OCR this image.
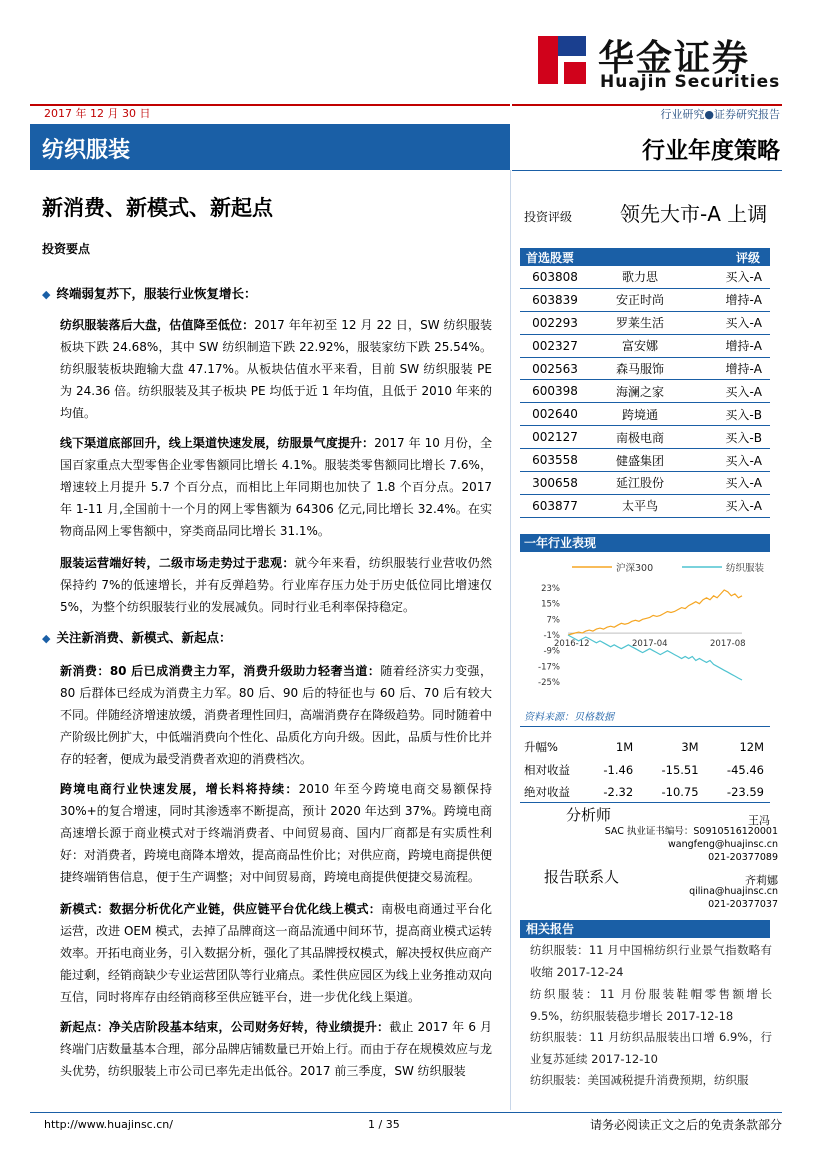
华金证券
Huajin Securities
2017 年 12 月 30 日	行业研究●证券研究报告
纺织服装	行业年度策略
新消费、新模式、新起点
投资要点
◆ 终端弱复苏下，服装行业恢复增长：
纺织服装落后大盘，估值降至低位：2017 年年初至 12 月 22 日，SW 纺织服装板块下跌 24.68%，其中 SW 纺织制造下跌 22.92%，服装家纺下跌 25.54%。纺织服装板块跑输大盘 47.17%。从板块估值水平来看，目前 SW 纺织服装 PE 为 24.36 倍。纺织服装及其子板块 PE 均低于近 1 年均值，且低于 2010 年来的均值。
线下渠道底部回升，线上渠道快速发展，纺服景气度提升：2017 年 10 月份，全国百家重点大型零售企业零售额同比增长 4.1%。服装类零售额同比增长 7.6%，增速较上月提升 5.7 个百分点，而相比上年同期也加快了 1.8 个百分点。2017 年 1-11 月,全国前十一个月的网上零售额为 64306 亿元,同比增长 32.4%。在实物商品网上零售额中，穿类商品同比增长 31.1%。
服装运营端好转，二级市场走势过于悲观：就今年来看，纺织服装行业营收仍然保持约 7%的低速增长，并有反弹趋势。行业库存压力处于历史低位同比增速仅 5%，为整个纺织服装行业的发展减负。同时行业毛利率保持稳定。
◆ 关注新消费、新模式、新起点：
新消费：80 后已成消费主力军，消费升级助力轻奢当道：随着经济实力变强，80 后群体已经成为消费主力军。80 后、90 后的特征也与 60 后、70 后有较大不同。伴随经济增速放缓，消费者理性回归，高端消费存在降级趋势。同时随着中产阶级比例扩大，中低端消费向个性化、品质化方向升级。因此，品质与性价比并存的轻奢，便成为最受消费者欢迎的消费档次。
跨境电商行业快速发展，增长料将持续：2010 年至今跨境电商交易额保持 30%+的复合增速，同时其渗透率不断提高，预计 2020 年达到 37%。跨境电商高速增长源于商业模式对于终端消费者、中间贸易商、国内厂商都是有实质性利好：对消费者，跨境电商降本增效，提高商品性价比；对供应商，跨境电商提供便捷终端销售信息，便于生产调整；对中间贸易商，跨境电商提供便捷交易流程。
新模式：数据分析优化产业链，供应链平台优化线上模式：南极电商通过平台化运营，改进 OEM 模式，去掉了品牌商这一商品流通中间环节，提高商业模式运转效率。开拓电商业务，引入数据分析，强化了其品牌授权模式，解决授权供应商产能过剩，经销商缺少专业运营团队等行业痛点。柔性供应园区为线上业务推动双向互信，同时将库存由经销商移至供应链平台，进一步优化线上渠道。
新起点：净关店阶段基本结束，公司财务好转，待业绩提升：截止 2017 年 6 月终端门店数量基本合理，部分品牌店铺数量已开始上行。而由于存在规模效应与龙头优势，纺织服装上市公司已率先走出低谷。2017 前三季度，SW 纺织服装
投资评级 领先大市-A 上调
首选股票		评级
603808	歌力思	买入-A
603839	安正时尚	增持-A
002293	罗莱生活	买入-A
002327	富安娜	增持-A
002563	森马服饰	增持-A
600398	海澜之家	买入-A
002640	跨境通	买入-B
002127	南极电商	买入-B
603558	健盛集团	买入-A
300658	延江股份	买入-A
603877	太平鸟	买入-A
一年行业表现
沪深300	纺织服装
23%
15%
7%
-1%
-9%
-17%
-25%
2016-12	2017-04	2017-08
资料来源：贝格数据
升幅%	1M	3M	12M
相对收益	-1.46	-15.51	-45.46
绝对收益	-2.32	-10.75	-23.59
分析师	王冯
SAC 执业证书编号：S0910516120001
wangfeng@huajinsc.cn
021-20377089
报告联系人	齐莉娜
qilina@huajinsc.cn
021-20377037
相关报告
纺织服装：11 月中国棉纺织行业景气指数略有收缩 2017-12-24
纺织服装：11 月份服装鞋帽零售额增长 9.5%，纺织服装稳步增长 2017-12-18
纺织服装：11 月纺织品服装出口增 6.9%，行业复苏延续 2017-12-10
纺织服装：美国减税提升消费预期，纺织服
http://www.huajinsc.cn/	1 / 35	请务必阅读正文之后的免责条款部分
